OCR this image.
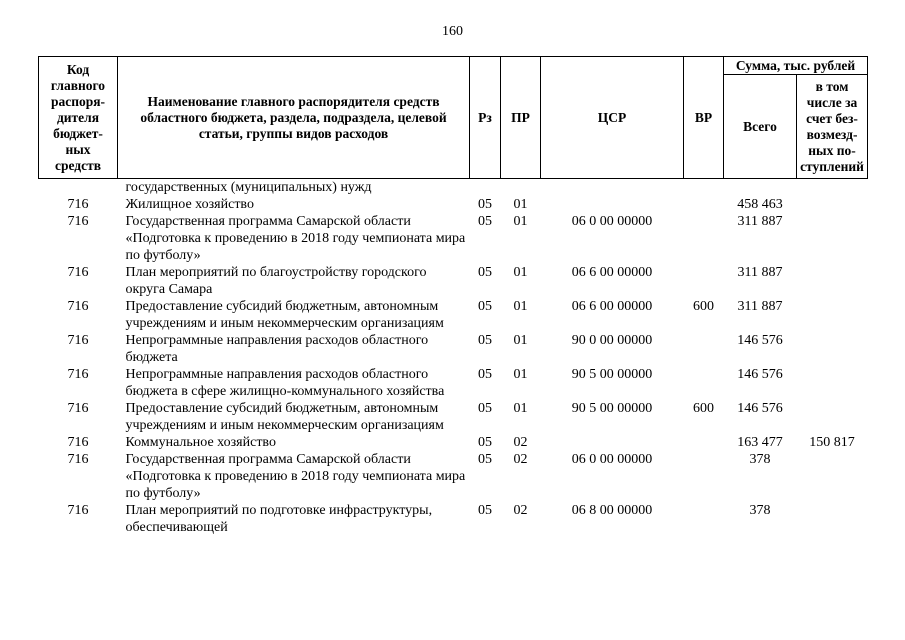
160
Код главного распоря-дителя бюджет-ных средств	Наименование главного распорядителя средств областного бюджета, раздела, подраздела, целевой статьи, группы видов расходов	Рз	ПР	ЦСР	ВР	Сумма, тыс. рублей	
						Всего	в том числе за счет без-возмезд-ных по-ступлений
	государственных (муниципальных) нужд						
716	Жилищное хозяйство	05	01			458 463	
716	Государственная программа Самарской области «Подготовка к проведению в 2018 году чемпионата мира по футболу»	05	01	06 0 00 00000		311 887	
716	План мероприятий по благоустройству городского округа Самара	05	01	06 6 00 00000		311 887	
716	Предоставление субсидий бюджетным, автономным учреждениям и иным некоммерческим организациям	05	01	06 6 00 00000	600	311 887	
716	Непрограммные направления расходов областного бюджета	05	01	90 0 00 00000		146 576	
716	Непрограммные направления расходов областного бюджета в сфере жилищно-коммунального хозяйства	05	01	90 5 00 00000		146 576	
716	Предоставление субсидий бюджетным, автономным учреждениям и иным некоммерческим организациям	05	01	90 5 00 00000	600	146 576	
716	Коммунальное хозяйство	05	02			163 477	150 817
716	Государственная программа Самарской области «Подготовка к проведению в 2018 году чемпионата мира по футболу»	05	02	06 0 00 00000		378	
716	План мероприятий по подготовке инфраструктуры, обеспечивающей	05	02	06 8 00 00000		378	
